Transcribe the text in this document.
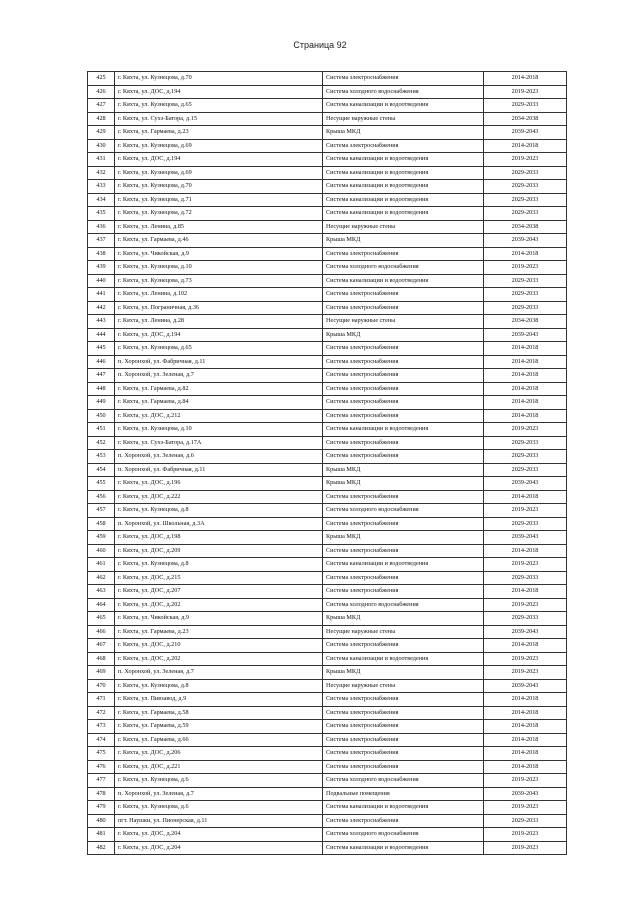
Страница 92
425	г. Кяхта, ул. Кузнецова, д.70	Система электроснабжения	2014-2018
426	г. Кяхта, ул. ДОС, д.194	Система холодного водоснабжения	2019-2023
427	г. Кяхта, ул. Кузнецова, д.65	Система канализации и водоотведения	2029-2033
428	г. Кяхта, ул. Сухэ-Батора, д.15	Несущие наружные стены	2034-2038
429	г. Кяхта, ул. Гармаева, д.23	Крыша МКД	2039-2043
430	г. Кяхта, ул. Кузнецова, д.69	Система электроснабжения	2014-2018
431	г. Кяхта, ул. ДОС, д.194	Система канализации и водоотведения	2019-2023
432	г. Кяхта, ул. Кузнецова, д.69	Система канализации и водоотведения	2029-2033
433	г. Кяхта, ул. Кузнецова, д.70	Система канализации и водоотведения	2029-2033
434	г. Кяхта, ул. Кузнецова, д.71	Система канализации и водоотведения	2029-2033
435	г. Кяхта, ул. Кузнецова, д.72	Система канализации и водоотведения	2029-2033
436	г. Кяхта, ул. Ленина, д.85	Несущие наружные стены	2034-2038
437	г. Кяхта, ул. Гармаева, д.46	Крыша МКД	2039-2043
438	г. Кяхта, ул. Чикойская, д.9	Система электроснабжения	2014-2018
439	г. Кяхта, ул. Кузнецова, д.10	Система холодного водоснабжения	2019-2023
440	г. Кяхта, ул. Кузнецова, д.73	Система канализации и водоотведения	2029-2033
441	г. Кяхта, ул. Ленина, д.102	Система электроснабжения	2029-2033
442	г. Кяхта, ул. Пограничная, д.36	Система электроснабжения	2029-2033
443	г. Кяхта, ул. Ленина, д.28	Несущие наружные стены	2034-2038
444	г. Кяхта, ул. ДОС, д.194	Крыша МКД	2039-2043
445	г. Кяхта, ул. Кузнецова, д.65	Система электроснабжения	2014-2018
446	п. Хоронхой, ул. Фабричная, д.11	Система электроснабжения	2014-2018
447	п. Хоронхой, ул. Зеленая, д.7	Система электроснабжения	2014-2018
448	г. Кяхта, ул. Гармаева, д.82	Система электроснабжения	2014-2018
449	г. Кяхта, ул. Гармаева, д.84	Система электроснабжения	2014-2018
450	г. Кяхта, ул. ДОС, д.212	Система электроснабжения	2014-2018
451	г. Кяхта, ул. Кузнецова, д.10	Система канализации и водоотведения	2019-2023
452	г. Кяхта, ул. Сухэ-Батора, д.17А	Система электроснабжения	2029-2033
453	п. Хоронхой, ул. Зеленая, д.6	Система электроснабжения	2029-2033
454	п. Хоронхой, ул. Фабричная, д.11	Крыша МКД	2029-2033
455	г. Кяхта, ул. ДОС, д.196	Крыша МКД	2039-2043
456	г. Кяхта, ул. ДОС, д.222	Система электроснабжения	2014-2018
457	г. Кяхта, ул. Кузнецова, д.8	Система холодного водоснабжения	2019-2023
458	п. Хоронхой, ул. Школьная, д.3А	Система электроснабжения	2029-2033
459	г. Кяхта, ул. ДОС, д.198	Крыша МКД	2039-2043
460	г. Кяхта, ул. ДОС, д.209	Система электроснабжения	2014-2018
461	г. Кяхта, ул. Кузнецова, д.8	Система канализации и водоотведения	2019-2023
462	г. Кяхта, ул. ДОС, д.215	Система электроснабжения	2029-2033
463	г. Кяхта, ул. ДОС, д.207	Система электроснабжения	2014-2018
464	г. Кяхта, ул. ДОС, д.202	Система холодного водоснабжения	2019-2023
465	г. Кяхта, ул. Чикойская, д.9	Крыша МКД	2029-2033
466	г. Кяхта, ул. Гармаева, д.23	Несущие наружные стены	2039-2043
467	г. Кяхта, ул. ДОС, д.210	Система электроснабжения	2014-2018
468	г. Кяхта, ул. ДОС, д.202	Система канализации и водоотведения	2019-2023
469	п. Хоронхой, ул. Зеленая, д.7	Крыша МКД	2019-2023
470	г. Кяхта, ул. Кузнецова, д.8	Несущие наружные стены	2039-2043
471	г. Кяхта, ул. Пивзавод, д.9	Система электроснабжения	2014-2018
472	г. Кяхта, ул. Гармаева, д.58	Система электроснабжения	2014-2018
473	г. Кяхта, ул. Гармаева, д.59	Система электроснабжения	2014-2018
474	г. Кяхта, ул. Гармаева, д.66	Система электроснабжения	2014-2018
475	г. Кяхта, ул. ДОС, д.206	Система электроснабжения	2014-2018
476	г. Кяхта, ул. ДОС, д.221	Система электроснабжения	2014-2018
477	г. Кяхта, ул. Кузнецова, д.6	Система холодного водоснабжения	2019-2023
478	п. Хоронхой, ул. Зеленая, д.7	Подвальные помещения	2039-2043
479	г. Кяхта, ул. Кузнецова, д.6	Система канализации и водоотведения	2019-2023
480	пгт. Наушки, ул. Пионерская, д.11	Система электроснабжения	2029-2033
481	г. Кяхта, ул. ДОС, д.204	Система холодного водоснабжения	2019-2023
482	г. Кяхта, ул. ДОС, д.204	Система канализации и водоотведения	2019-2023
